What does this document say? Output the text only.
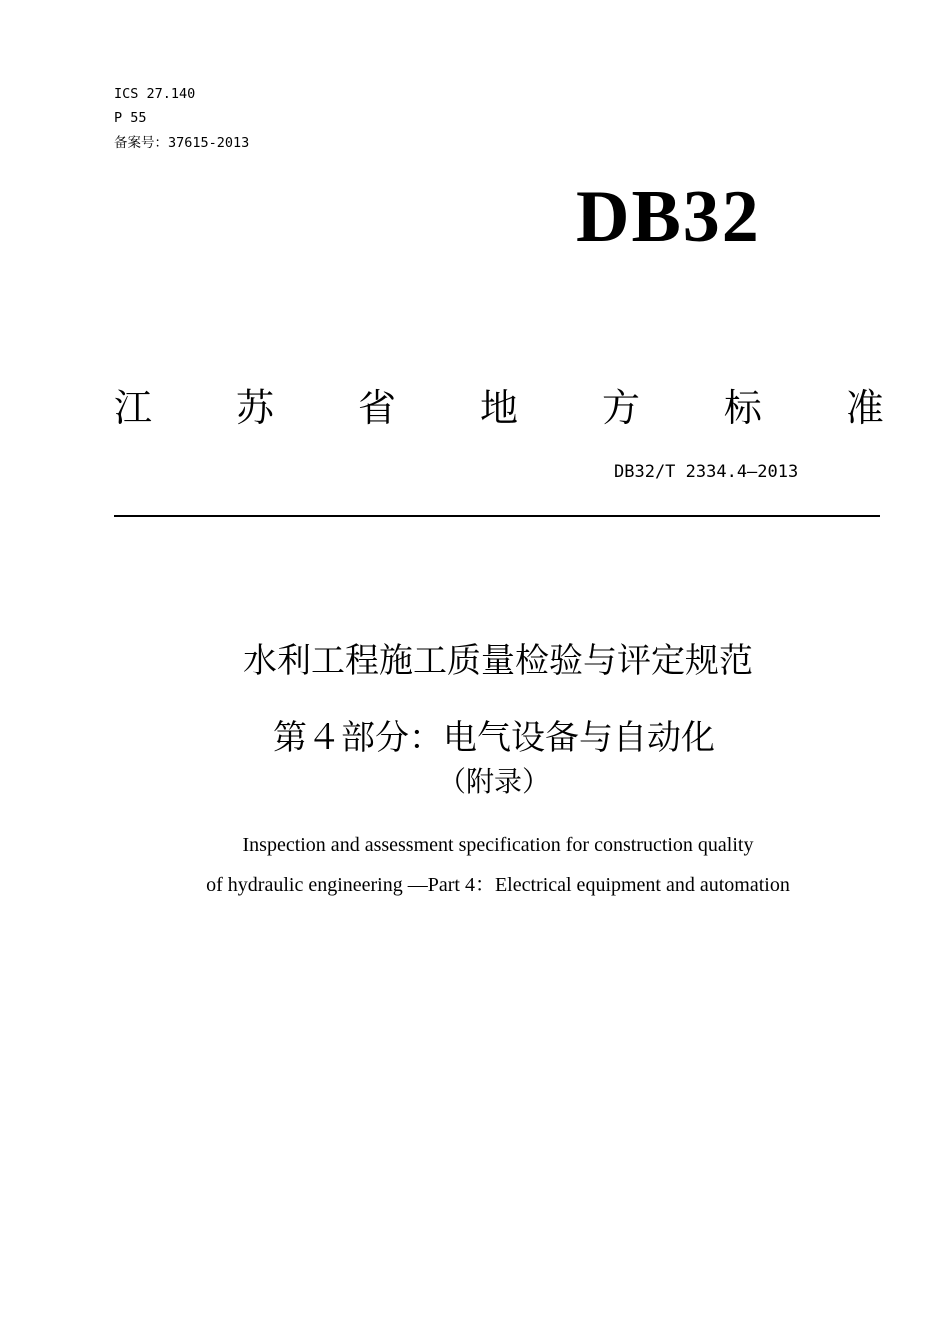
ICS 27.140
P 55
备案号：37615-2013
DB32
江 苏 省 地 方 标 准
DB32/T 2334.4—2013
水利工程施工质量检验与评定规范
第４部分：电气设备与自动化
（附录）
Inspection and assessment specification for construction quality
of hydraulic engineering —Part 4：Electrical equipment and automation
